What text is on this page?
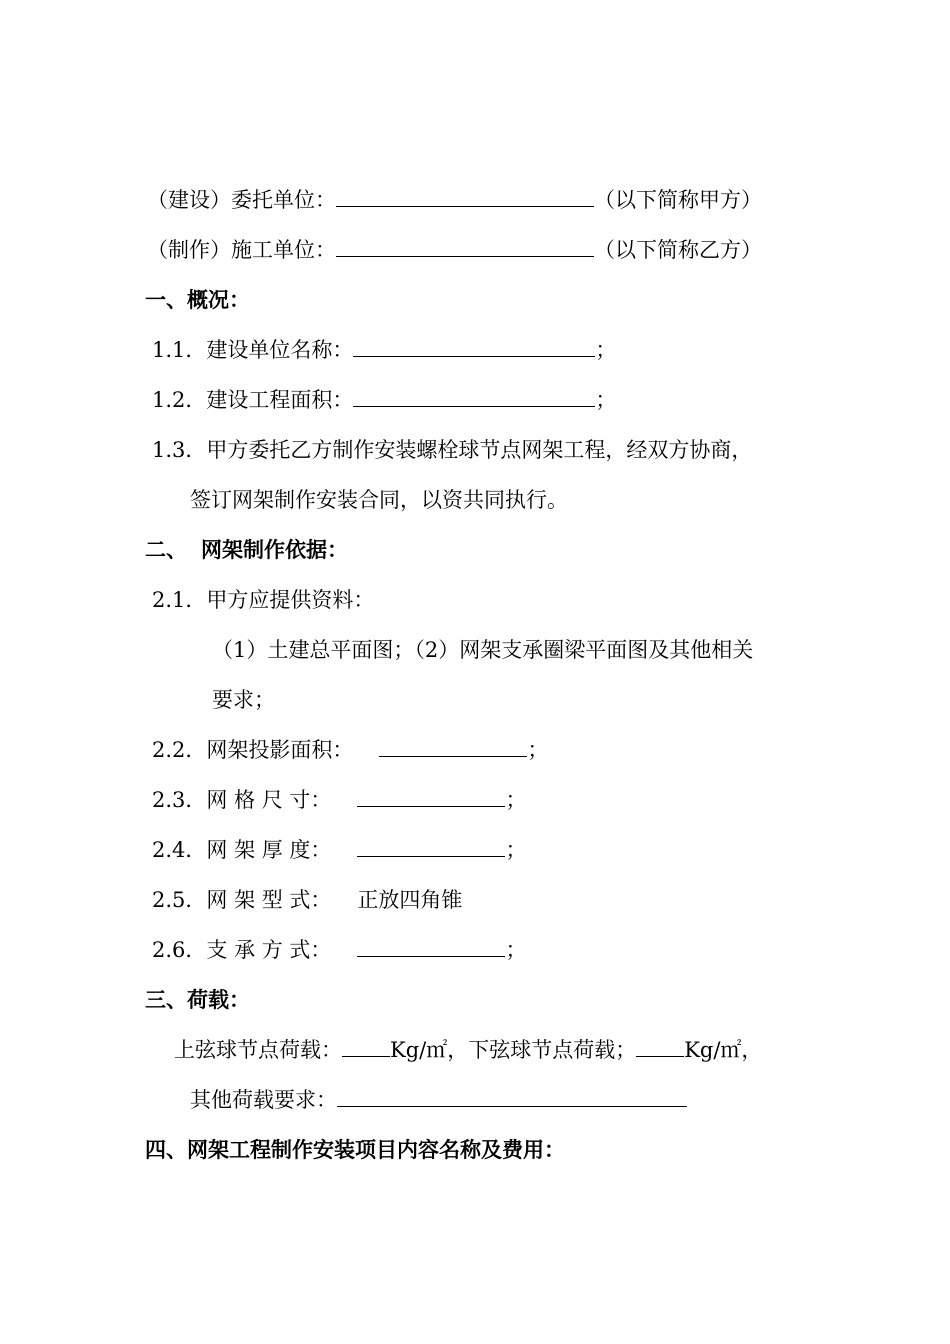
（建设）委托单位：	（以下简称甲方）
（制作）施工单位：	（以下简称乙方）
一、概况：
1.1．建设单位名称：	；
1.2．建设工程面积：	；
1.3．甲方委托乙方制作安装螺栓球节点网架工程，经双方协商，
签订网架制作安装合同，以资共同执行。
二、 网架制作依据：
2.1．甲方应提供资料：
（1）土建总平面图；（2）网架支承圈梁平面图及其他相关
要求；
2.2．网架投影面积：	；
2.3．网 格 尺 寸：	；
2.4．网 架 厚 度：	；
2.5．网 架 型 式： 正放四角锥
2.6．支 承 方 式：	；
三、荷载：
上弦球节点荷载： Kg/㎡，下弦球节点荷载； Kg/㎡，
其他荷载要求：
四、网架工程制作安装项目内容名称及费用：
